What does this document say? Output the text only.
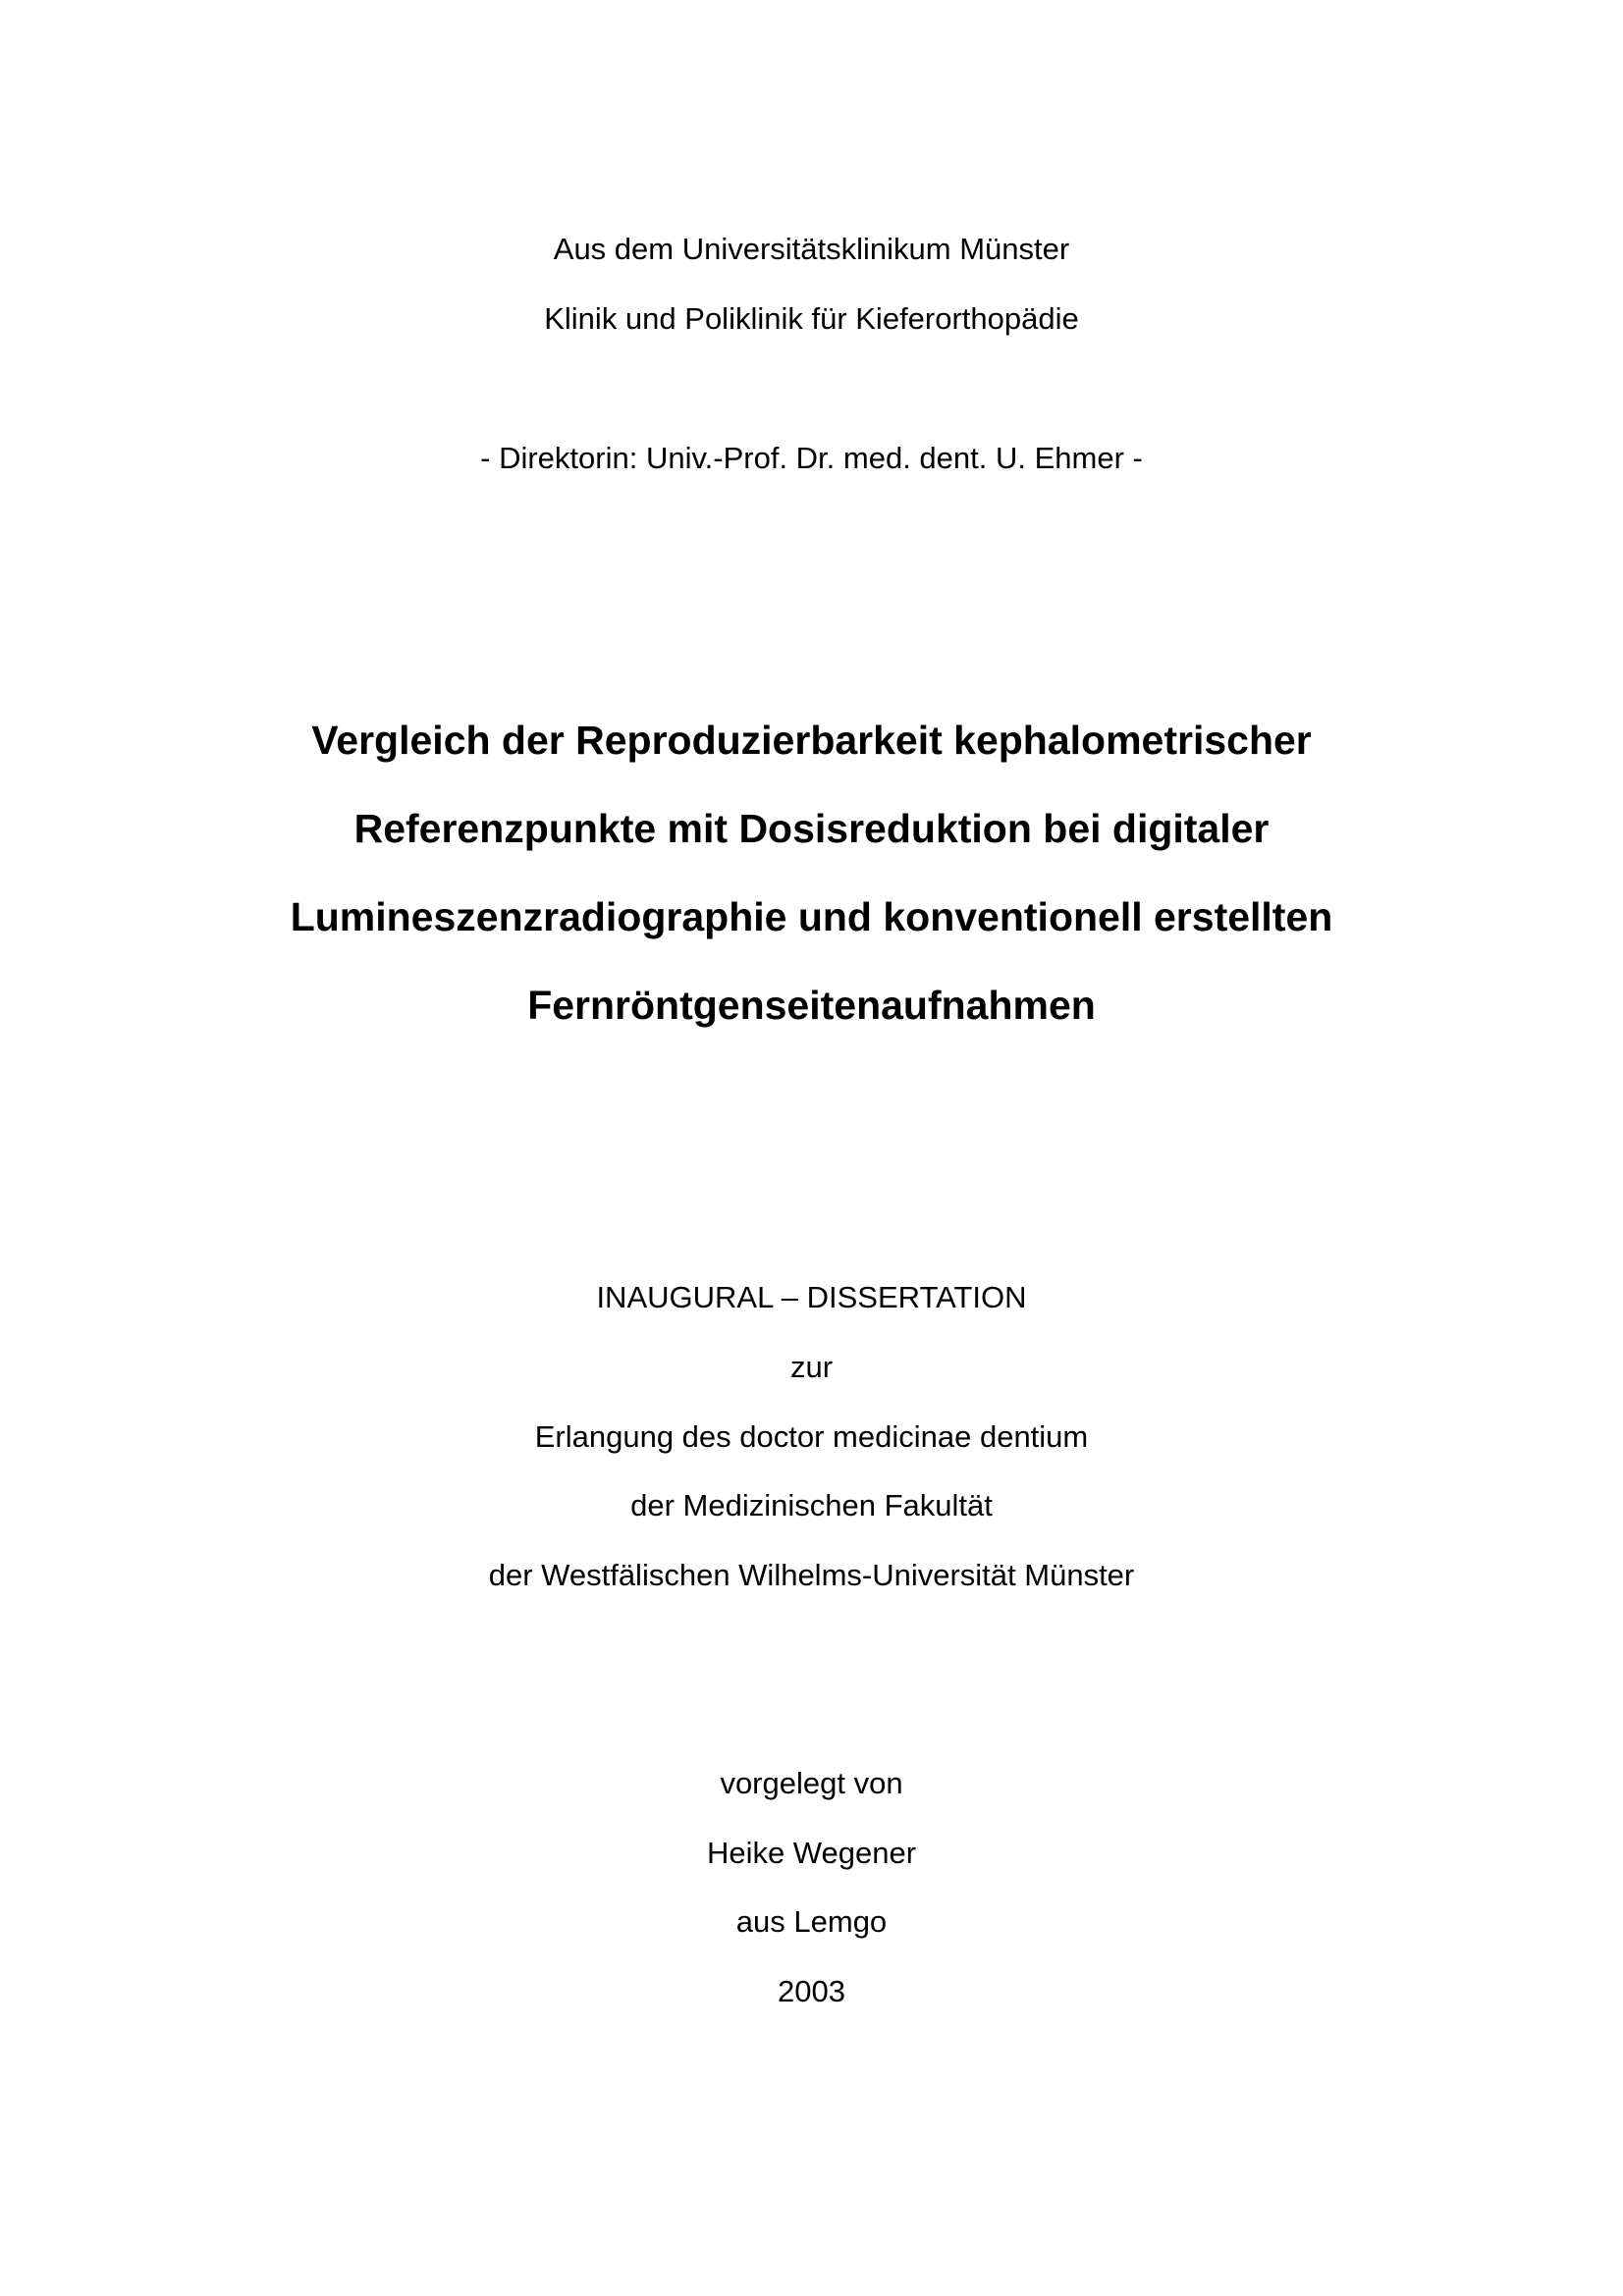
Aus dem Universitätsklinikum Münster

Klinik und Poliklinik für Kieferorthopädie

- Direktorin: Univ.-Prof. Dr. med. dent. U. Ehmer -

Vergleich der Reproduzierbarkeit kephalometrischer
Referenzpunkte mit Dosisreduktion bei digitaler
Lumineszenzradiographie und konventionell erstellten
Fernröntgenseitenaufnahmen

INAUGURAL – DISSERTATION

zur

Erlangung des doctor medicinae dentium

der Medizinischen Fakultät

der Westfälischen Wilhelms-Universität Münster

vorgelegt von

Heike Wegener

aus Lemgo

2003
